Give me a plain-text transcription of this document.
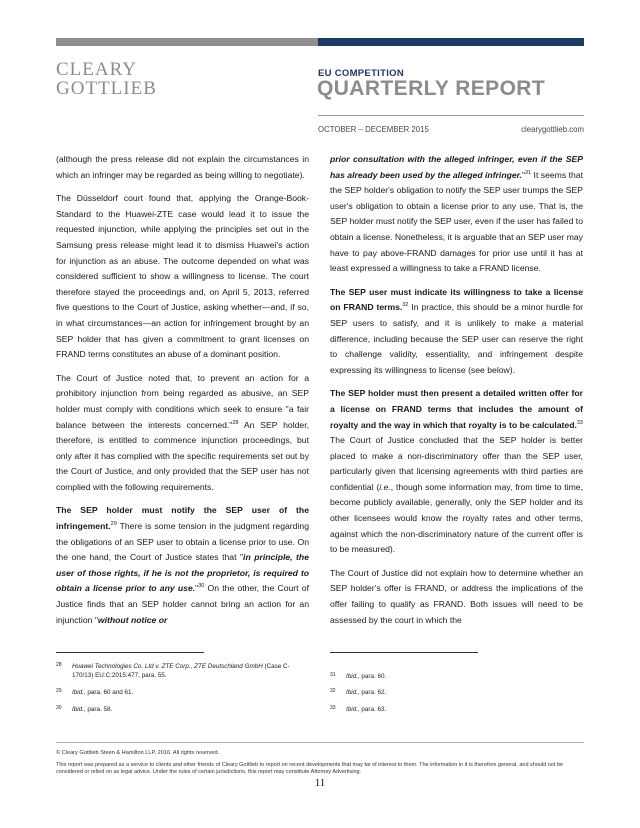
CLEARY
GOTTLIEB
EU COMPETITION
QUARTERLY REPORT
OCTOBER – DECEMBER 2015	clearygottlieb.com

(although the press release did not explain the circumstances in which an infringer may be regarded as being willing to negotiate).

The Düsseldorf court found that, applying the Orange-Book-Standard to the Huawei-ZTE case would lead it to issue the requested injunction, while applying the principles set out in the Samsung press release might lead it to dismiss Huawei's action for injunction as an abuse. The outcome depended on what was considered sufficient to show a willingness to license. The court therefore stayed the proceedings and, on April 5, 2013, referred five questions to the Court of Justice, asking whether—and, if so, in what circumstances—an action for infringement brought by an SEP holder that has given a commitment to grant licenses on FRAND terms constitutes an abuse of a dominant position.

The Court of Justice noted that, to prevent an action for a prohibitory injunction from being regarded as abusive, an SEP holder must comply with conditions which seek to ensure "a fair balance between the interests concerned."$^{28}$ An SEP holder, therefore, is entitled to commence injunction proceedings, but only after it has complied with the specific requirements set out by the Court of Justice, and only provided that the SEP user has not complied with the following requirements.

The SEP holder must notify the SEP user of the infringement.$^{29}$ There is some tension in the judgment regarding the obligations of an SEP user to obtain a license prior to use. On the one hand, the Court of Justice states that "in principle, the user of those rights, if he is not the proprietor, is required to obtain a license prior to any use."$^{30}$ On the other, the Court of Justice finds that an SEP holder cannot bring an action for an injunction "without notice or

prior consultation with the alleged infringer, even if the SEP has already been used by the alleged infringer."$^{31}$ It seems that the SEP holder's obligation to notify the SEP user trumps the SEP user's obligation to obtain a license prior to any use. That is, the SEP holder must notify the SEP user, even if the user has failed to obtain a license. Nonetheless, it is arguable that an SEP user may have to pay above-FRAND damages for prior use until it has at least expressed a willingness to take a FRAND license.

The SEP user must indicate its willingness to take a license on FRAND terms.$^{32}$ In practice, this should be a minor hurdle for SEP users to satisfy, and it is unlikely to make a material difference, including because the SEP user can reserve the right to challenge validity, essentiality, and infringement despite expressing its willingness to license (see below).

The SEP holder must then present a detailed written offer for a license on FRAND terms that includes the amount of royalty and the way in which that royalty is to be calculated.$^{33}$ The Court of Justice concluded that the SEP holder is better placed to make a non-discriminatory offer than the SEP user, particularly given that licensing agreements with third parties are confidential (i.e., though some information may, from time to time, become publicly available, generally, only the SEP holder and its other licensees would know the royalty rates and other terms, against which the non-discriminatory nature of the current offer is to be measured).

The Court of Justice did not explain how to determine whether an SEP holder's offer is FRAND, or address the implications of the offer failing to qualify as FRAND. Both issues will need to be assessed by the court in which the

28	Huawei Technologies Co. Ltd v. ZTE Corp., ZTE Deutschland GmbH (Case C-170/13) EU:C:2015:477, para. 55.
29	Ibid., para. 60 and 61.
30	Ibid., para. 58.
31	Ibid., para. 60.
32	Ibid., para. 62.
33	Ibid., para. 63.
© Cleary Gottlieb Steen & Hamilton LLP, 2016. All rights reserved.
This report was prepared as a service to clients and other friends of Cleary Gottlieb to report on recent developments that may be of interest to them. The information in it is therefore general, and should not be considered or relied on as legal advice. Under the rules of certain jurisdictions, this report may constitute Attorney Advertising.
11
